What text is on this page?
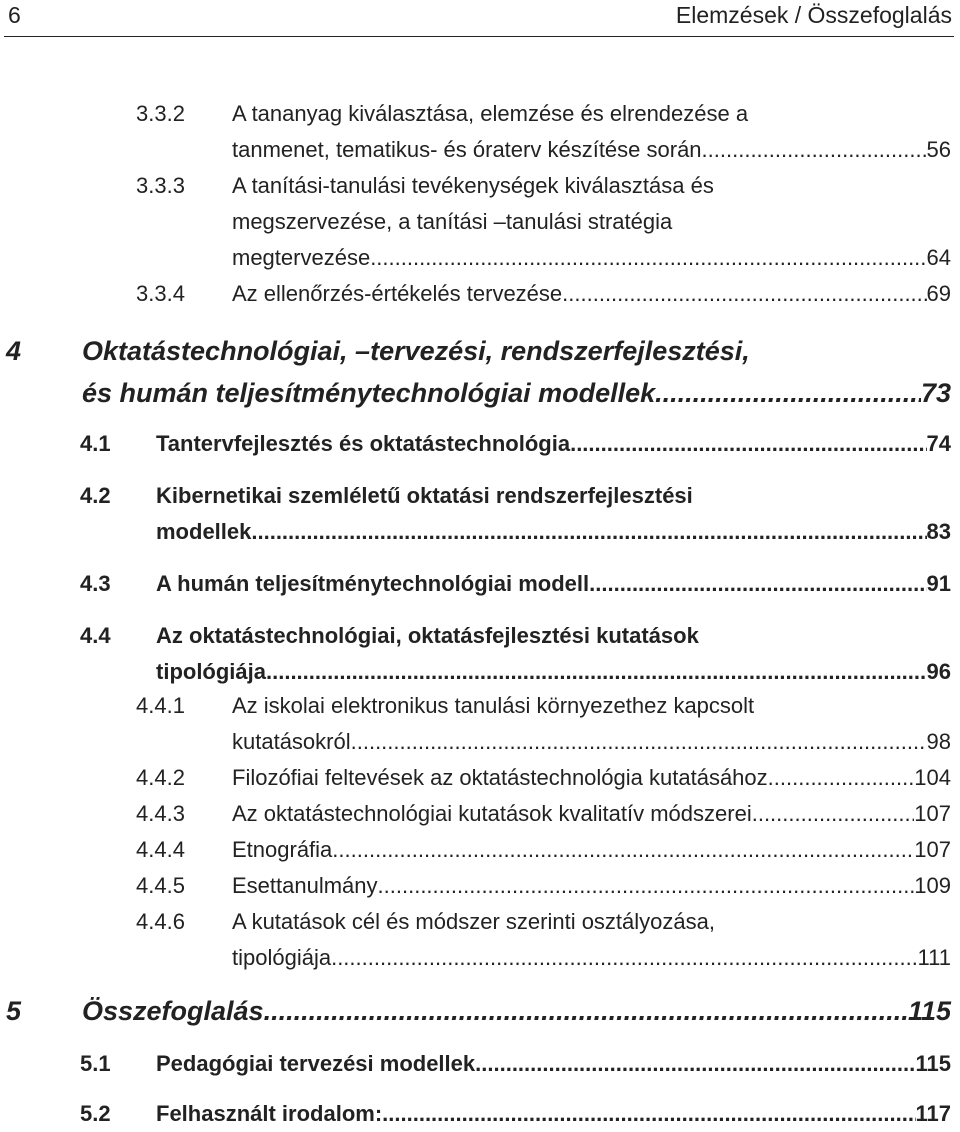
6	Elemzések / Összefoglalás
3.3.2 A tananyag kiválasztása, elemzése és elrendezése a
tanmenet, tematikus- és óraterv készítése során. .....	56
3.3.3 A tanítási-tanulási tevékenységek kiválasztása és
megszervezése, a tanítási –tanulási stratégia
megtervezése .....	64
3.3.4 Az ellenőrzés-értékelés tervezése .....	69
4 Oktatástechnológiai, –tervezési, rendszerfejlesztési,
és humán teljesítménytechnológiai modellek .....	73
4.1 Tantervfejlesztés és oktatástechnológia .....	74
4.2 Kibernetikai szemléletű oktatási rendszerfejlesztési
modellek .....	83
4.3 A humán teljesítménytechnológiai modell .....	91
4.4 Az oktatástechnológiai, oktatásfejlesztési kutatások
tipológiája .....	96
4.4.1 Az iskolai elektronikus tanulási környezethez kapcsolt
kutatásokról .....	98
4.4.2 Filozófiai feltevések az oktatástechnológia kutatásához .....	104
4.4.3 Az oktatástechnológiai kutatások kvalitatív módszerei .....	107
4.4.4 Etnográfia .....	107
4.4.5 Esettanulmány .....	109
4.4.6 A kutatások cél és módszer szerinti osztályozása,
tipológiája .....	111
5 Összefoglalás .....	115
5.1 Pedagógiai tervezési modellek .....	115
5.2 Felhasznált irodalom: .....	117
